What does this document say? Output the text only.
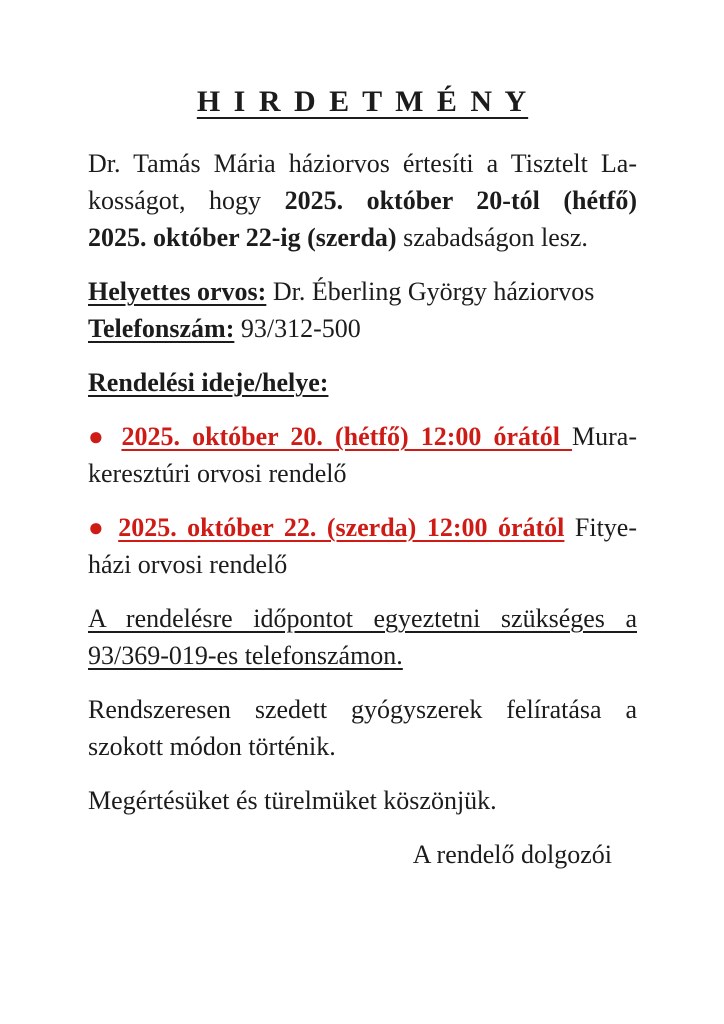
H I R D E T M É N Y
Dr. Tamás Mária háziorvos értesíti a Tisztelt La-
kosságot, hogy 2025. október 20-tól (hétfő)
2025. október 22-ig (szerda) szabadságon lesz.
Helyettes orvos: Dr. Éberling György háziorvos
Telefonszám: 93/312-500
Rendelési ideje/helye:
● 2025. október 20. (hétfő) 12:00 órától Mura-
keresztúri orvosi rendelő
● 2025. október 22. (szerda) 12:00 órától Fitye-
házi orvosi rendelő
A rendelésre időpontot egyeztetni szükséges a
93/369-019-es telefonszámon.
Rendszeresen szedett gyógyszerek felíratása a
szokott módon történik.
Megértésüket és türelmüket köszönjük.
A rendelő dolgozói
